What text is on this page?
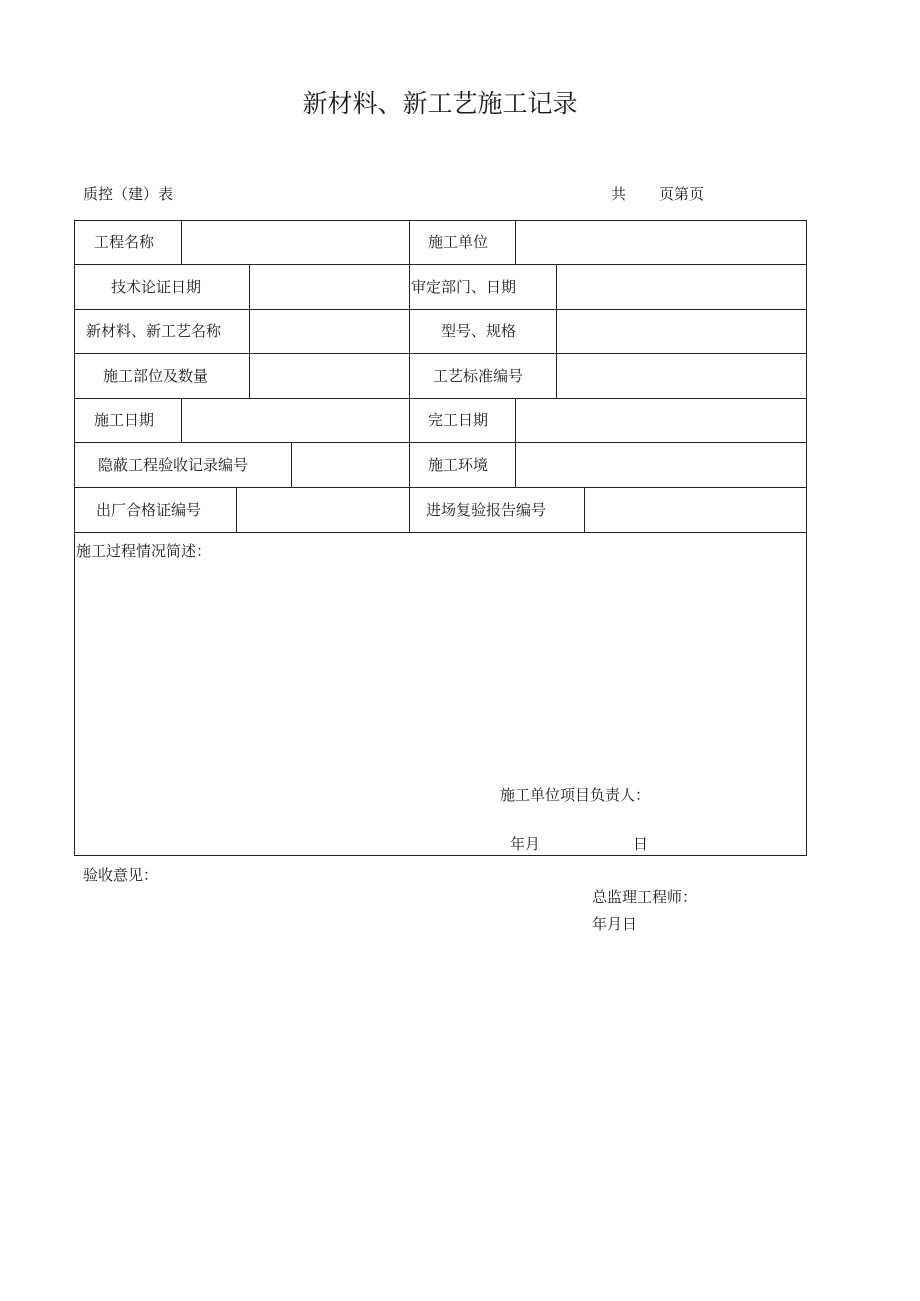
新材料、新工艺施工记录
质控（建）表	共 页第页
工程名称	施工单位
技术论证日期	审定部门、日期
新材料、新工艺名称	型号、规格
施工部位及数量	工艺标准编号
施工日期	完工日期
隐蔽工程验收记录编号	施工环境
出厂合格证编号	进场复验报告编号
施工过程情况简述：
施工单位项目负责人：
年月	日
验收意见：
总监理工程师：
年月日
